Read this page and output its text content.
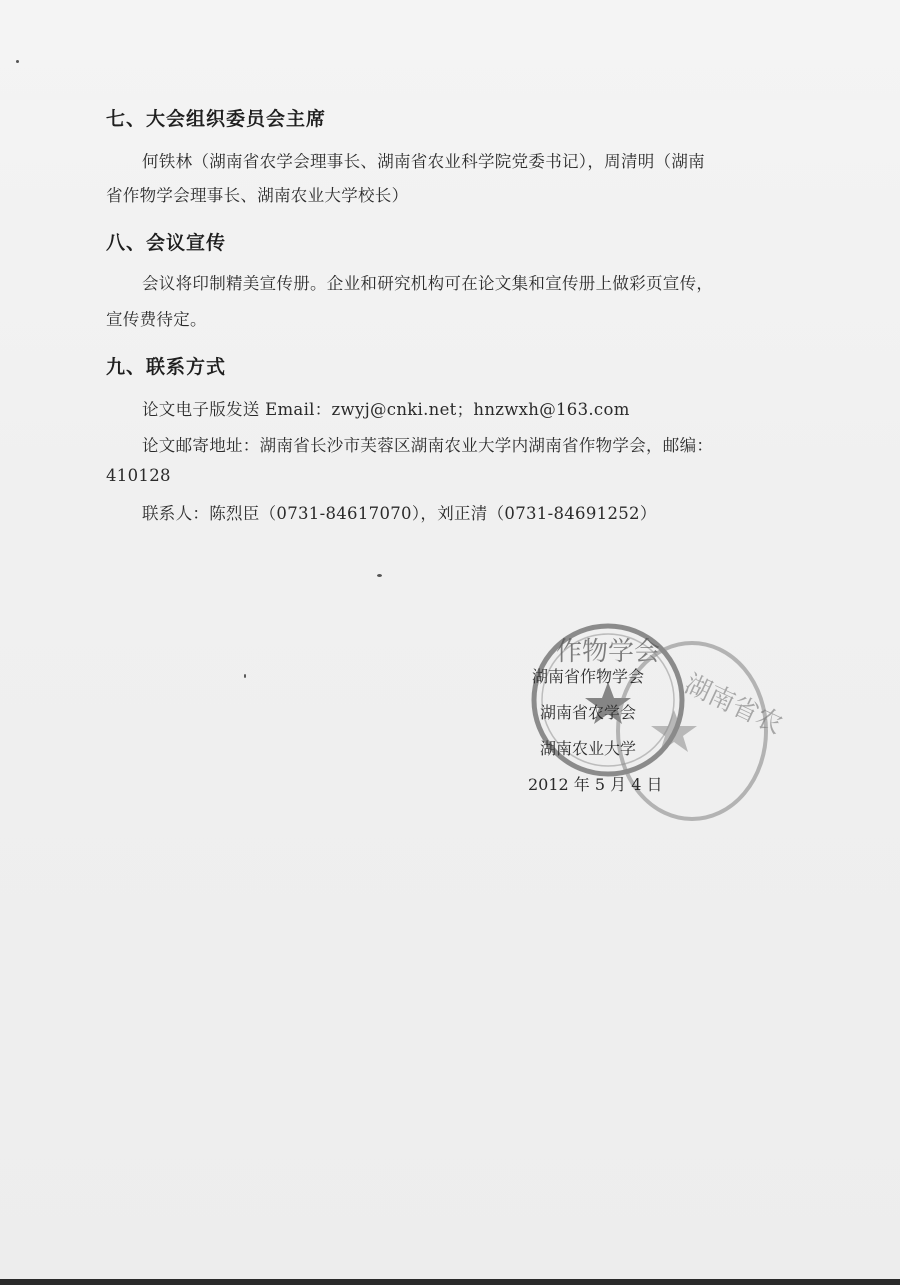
七、大会组织委员会主席
何铁林（湖南省农学会理事长、湖南省农业科学院党委书记），周清明（湖南
省作物学会理事长、湖南农业大学校长）
八、会议宣传
会议将印制精美宣传册。企业和研究机构可在论文集和宣传册上做彩页宣传，
宣传费待定。
九、联系方式
论文电子版发送 Email：zwyj@cnki.net；hnzwxh@163.com
论文邮寄地址：湖南省长沙市芙蓉区湖南农业大学内湖南省作物学会，邮编：
410128
联系人：陈烈臣（0731-84617070），刘正清（0731-84691252）
作物学会
湖南省农
湖南省作物学会
湖南省农学会
湖南农业大学
2012 年 5 月 4 日
